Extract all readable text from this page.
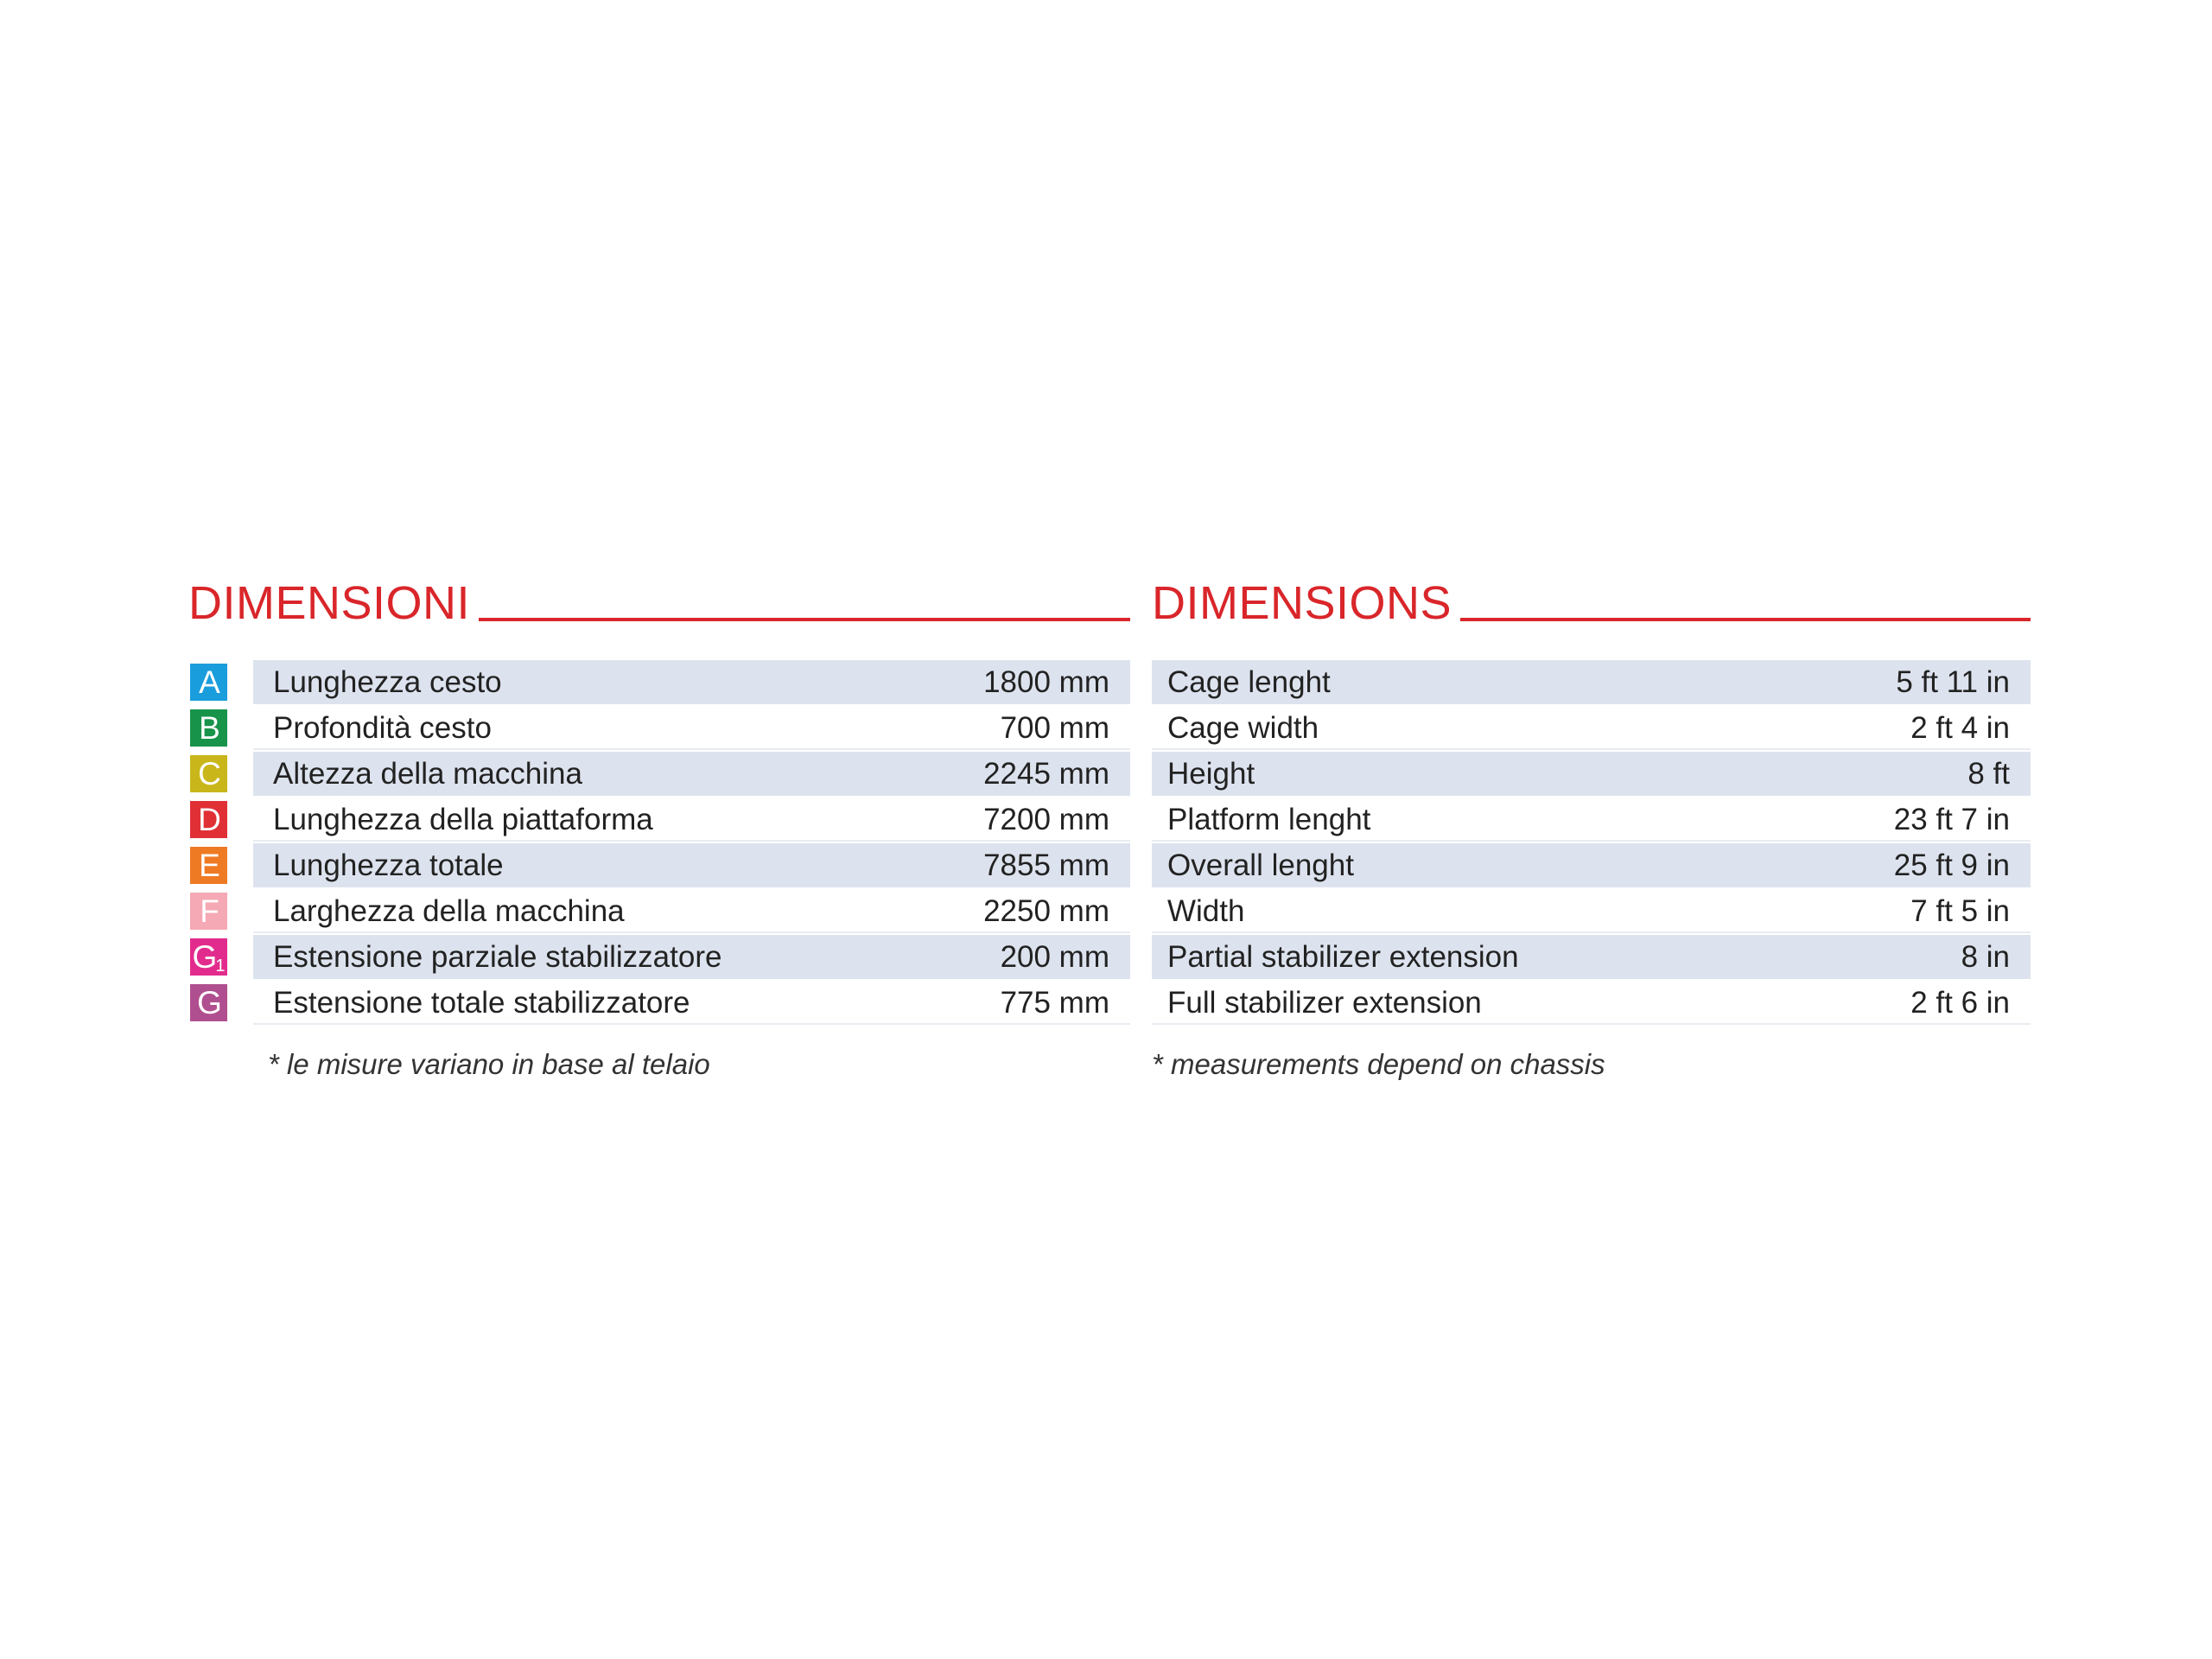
DIMENSIONI
A Lunghezza cesto	1800 mm
B Profondità cesto	700 mm
C Altezza della macchina	2245 mm
D Lunghezza della piattaforma	7200 mm
E Lunghezza totale	7855 mm
F Larghezza della macchina	2250 mm
$G_1$ Estensione parziale stabilizzatore	200 mm
G Estensione totale stabilizzatore	775 mm
* le misure variano in base al telaio
DIMENSIONS
Cage lenght	5 ft 11 in
Cage width	2 ft 4 in
Height	8 ft
Platform lenght	23 ft 7 in
Overall lenght	25 ft 9 in
Width	7 ft 5 in
Partial stabilizer extension	8 in
Full stabilizer extension	2 ft 6 in
* measurements depend on chassis
